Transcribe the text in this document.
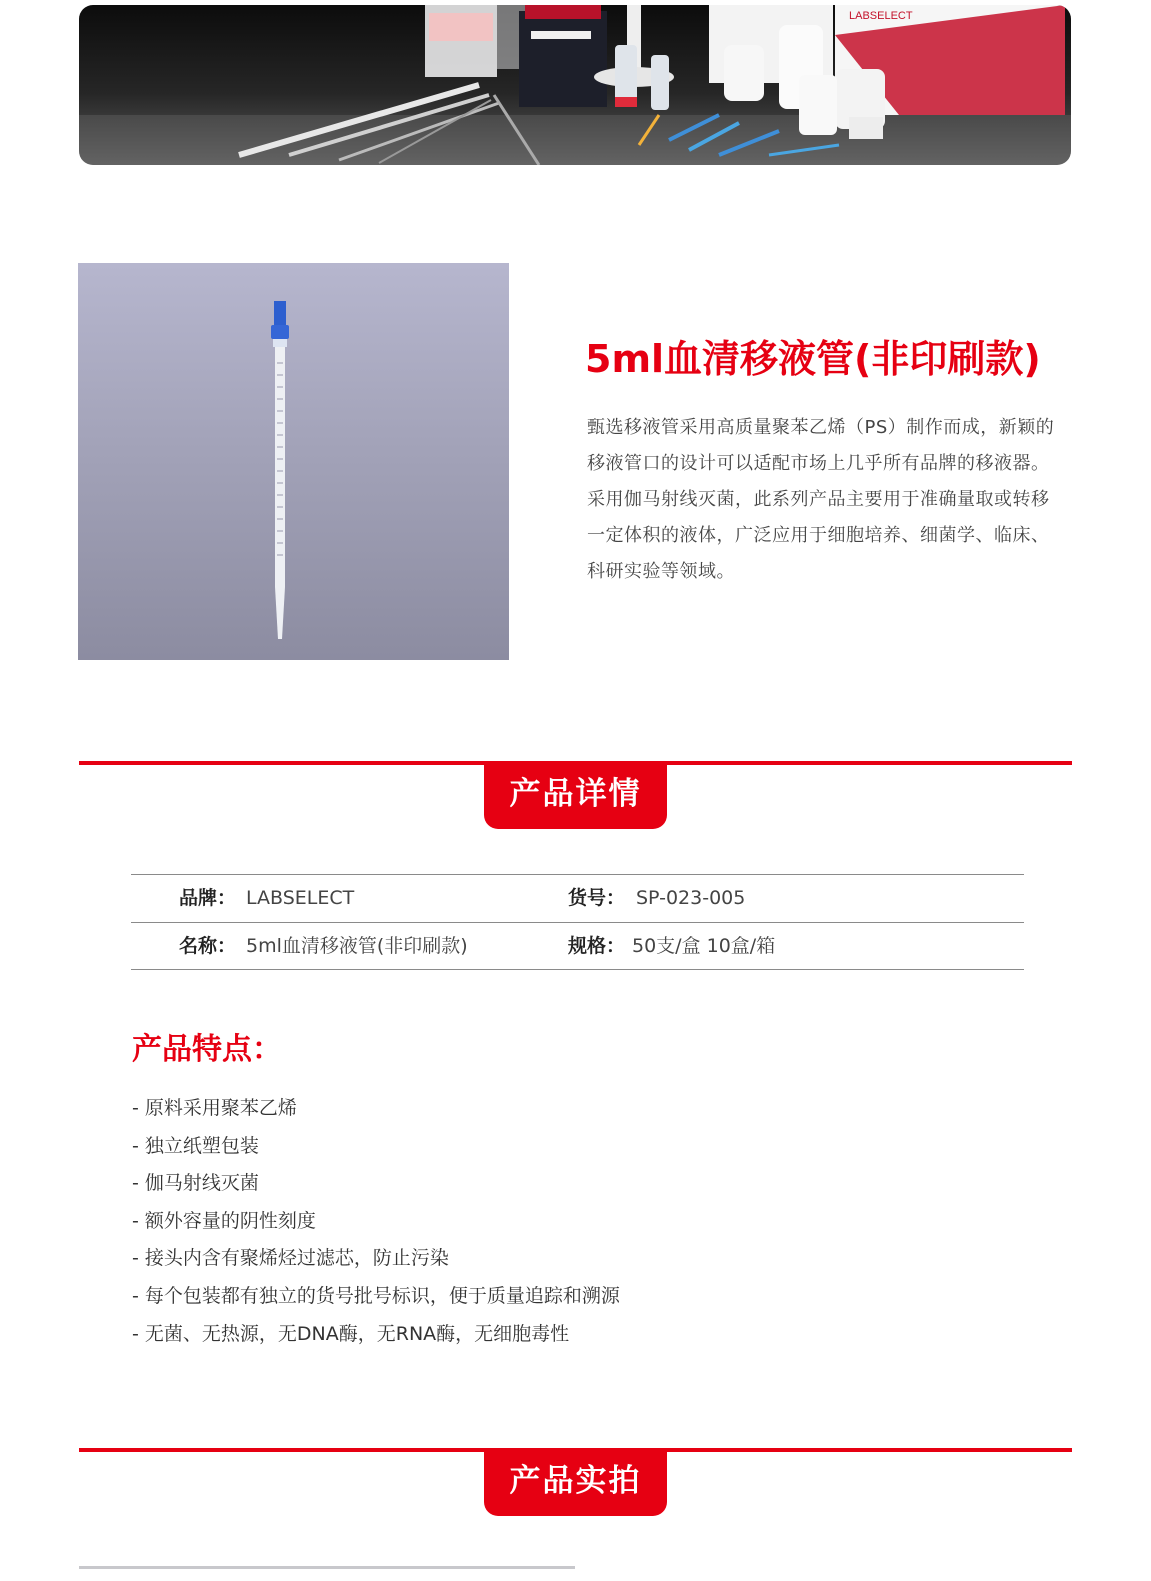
LABSELECT
5ml血清移液管(非印刷款)
甄选移液管采用高质量聚苯乙烯（PS）制作而成，新颖的移液管口的设计可以适配市场上几乎所有品牌的移液器。采用伽马射线灭菌，此系列产品主要用于准确量取或转移一定体积的液体，广泛应用于细胞培养、细菌学、临床、科研实验等领域。
产品详情
品牌： LABSELECT	货号： SP-023-005
名称： 5ml血清移液管(非印刷款)	规格： 50支/盒 10盒/箱
产品特点：
- 原料采用聚苯乙烯
- 独立纸塑包装
- 伽马射线灭菌
- 额外容量的阴性刻度
- 接头内含有聚烯烃过滤芯，防止污染
- 每个包装都有独立的货号批号标识，便于质量追踪和溯源
- 无菌、无热源，无DNA酶，无RNA酶，无细胞毒性
产品实拍
